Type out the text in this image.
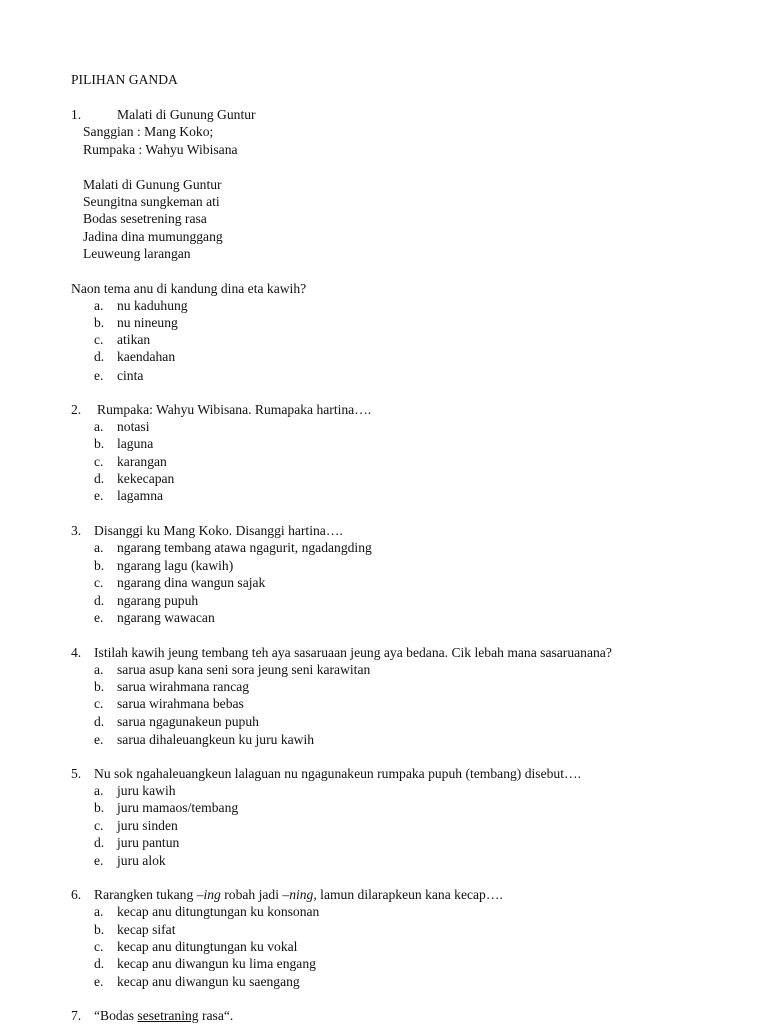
PILIHAN GANDA
1.	Malati di Gunung Guntur
Sanggian : Mang Koko;
Rumpaka : Wahyu Wibisana
Malati di Gunung Guntur
Seungitna sungkeman ati
Bodas sesetrening rasa
Jadina dina mumunggang
Leuweung larangan
Naon tema anu di kandung dina eta kawih?
a. nu kaduhung
b. nu nineung
c. atikan
d. kaendahan
e. cinta
2. Rumpaka: Wahyu Wibisana. Rumapaka hartina….
a. notasi
b. laguna
c. karangan
d. kekecapan
e. lagamna
3. Disanggi ku Mang Koko. Disanggi hartina….
a. ngarang tembang atawa ngagurit, ngadangding
b. ngarang lagu (kawih)
c. ngarang dina wangun sajak
d. ngarang pupuh
e. ngarang wawacan
4. Istilah kawih jeung tembang teh aya sasaruaan jeung aya bedana. Cik lebah mana sasaruanana?
a. sarua asup kana seni sora jeung seni karawitan
b. sarua wirahmana rancag
c. sarua wirahmana bebas
d. sarua ngagunakeun pupuh
e. sarua dihaleuangkeun ku juru kawih
5. Nu sok ngahaleuangkeun lalaguan nu ngagunakeun rumpaka pupuh (tembang) disebut….
a. juru kawih
b. juru mamaos/tembang
c. juru sinden
d. juru pantun
e. juru alok
6. Rarangken tukang –ing robah jadi –ning, lamun dilarapkeun kana kecap….
a. kecap anu ditungtungan ku konsonan
b. kecap sifat
c. kecap anu ditungtungan ku vokal
d. kecap anu diwangun ku lima engang
e. kecap anu diwangun ku saengang
7. “Bodas sesetraning rasa“.
